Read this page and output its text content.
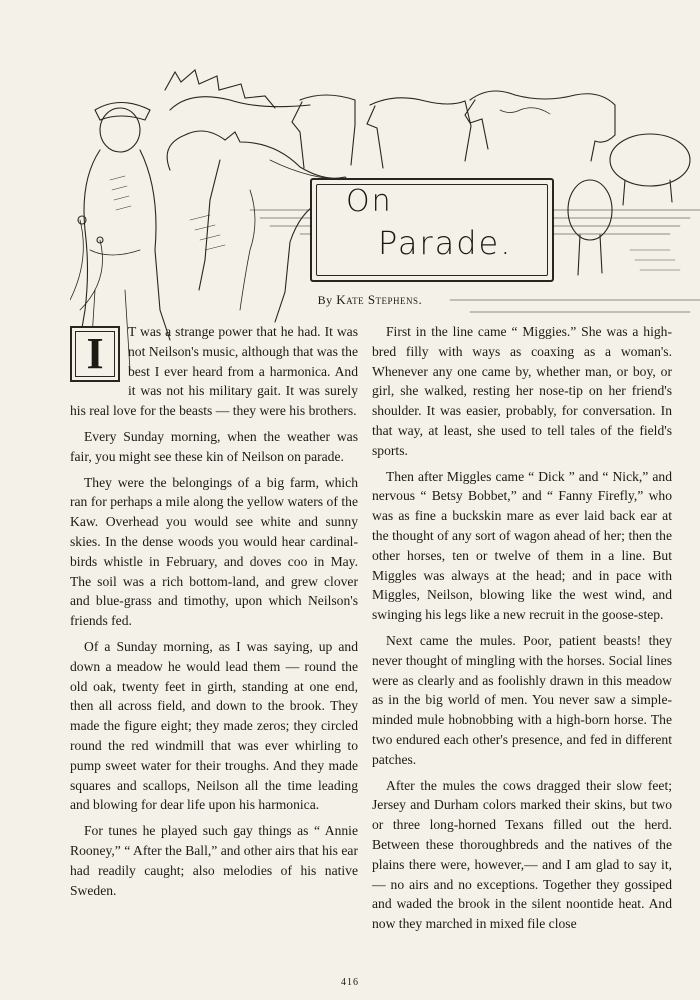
On
Parade.
By Kate Stephens.

I	T was a strange power that he had. It was not Neilson's music, although that was the best I ever heard from a harmonica. And it was not his military gait. It was surely his real love for the beasts — they were his brothers.

Every Sunday morning, when the weather was fair, you might see these kin of Neilson on parade.

They were the belongings of a big farm, which ran for perhaps a mile along the yellow waters of the Kaw. Overhead you would see white and sunny skies. In the dense woods you would hear cardinal-birds whistle in February, and doves coo in May. The soil was a rich bottom-land, and grew clover and blue-grass and timothy, upon which Neilson's friends fed.

Of a Sunday morning, as I was saying, up and down a meadow he would lead them — round the old oak, twenty feet in girth, standing at one end, then all across field, and down to the brook. They made the figure eight; they made zeros; they circled round the red windmill that was ever whirling to pump sweet water for their troughs. And they made squares and scallops, Neilson all the time leading and blowing for dear life upon his harmonica.

For tunes he played such gay things as “ Annie Rooney,” “ After the Ball,” and other airs that his ear had readily caught; also melodies of his native Sweden.

First in the line came “ Miggies.” She was a high-bred filly with ways as coaxing as a woman's. Whenever any one came by, whether man, or boy, or girl, she walked, resting her nose-tip on her friend's shoulder. It was easier, probably, for conversation. In that way, at least, she used to tell tales of the field's sports.

Then after Miggles came “ Dick ” and “ Nick,” and nervous “ Betsy Bobbet,” and “ Fanny Firefly,” who was as fine a buckskin mare as ever laid back ear at the thought of any sort of wagon ahead of her; then the other horses, ten or twelve of them in a line. But Miggles was always at the head; and in pace with Miggles, Neilson, blowing like the west wind, and swinging his legs like a new recruit in the goose-step.

Next came the mules. Poor, patient beasts! they never thought of mingling with the horses. Social lines were as clearly and as foolishly drawn in this meadow as in the big world of men. You never saw a simple-minded mule hobnobbing with a high-born horse. The two endured each other's presence, and fed in different patches.

After the mules the cows dragged their slow feet; Jersey and Durham colors marked their skins, but two or three long-horned Texans filled out the herd. Between these thoroughbreds and the natives of the plains there were, however,— and I am glad to say it,— no airs and no exceptions. Together they gossiped and waded the brook in the silent noontide heat. And now they marched in mixed file close

416
